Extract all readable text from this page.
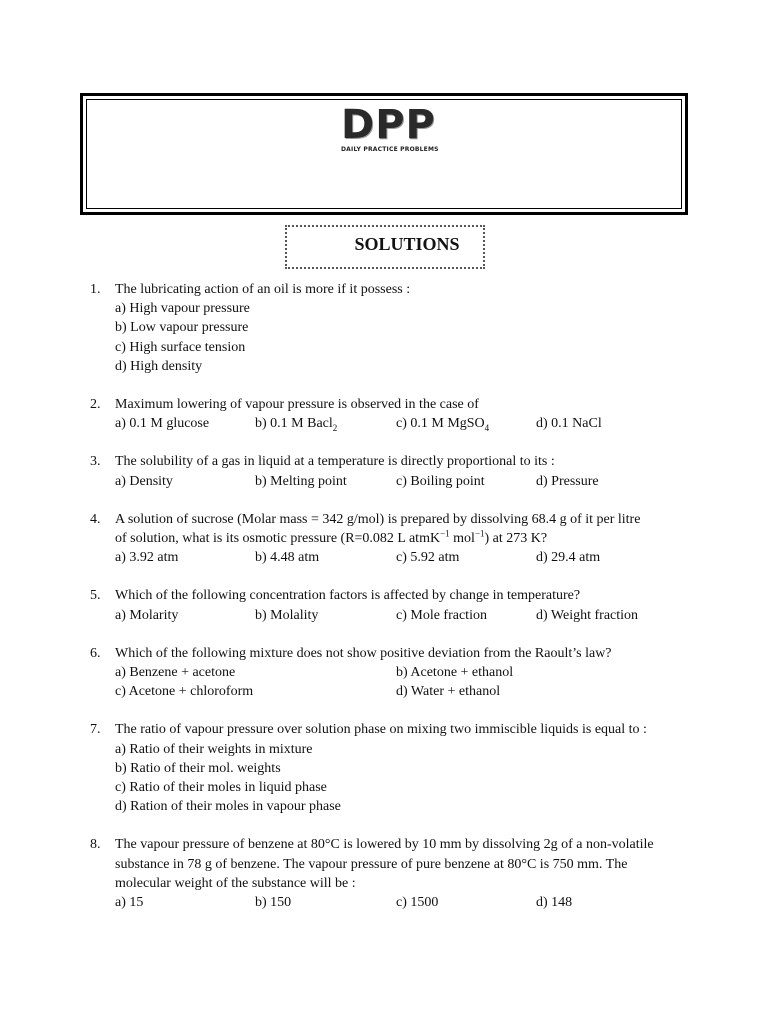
DPP
DAILY PRACTICE PROBLEMS
SOLUTIONS
1. The lubricating action of an oil is more if it possess :
a) High vapour pressure
b) Low vapour pressure
c) High surface tension
d) High density
2. Maximum lowering of vapour pressure is observed in the case of
a) 0.1 M glucose	b) 0.1 M Bacl$_2$	c) 0.1 M MgSO$_4$	d) 0.1 NaCl
3. The solubility of a gas in liquid at a temperature is directly proportional to its :
a) Density	b) Melting point	c) Boiling point	d) Pressure
4. A solution of sucrose (Molar mass = 342 g/mol) is prepared by dissolving 68.4 g of it per litre
of solution, what is its osmotic pressure (R=0.082 L atmK$^{-1}$ mol$^{-1}$) at 273 K?
a) 3.92 atm	b) 4.48 atm	c) 5.92 atm	d) 29.4 atm
5. Which of the following concentration factors is affected by change in temperature?
a) Molarity	b) Molality	c) Mole fraction	d) Weight fraction
6. Which of the following mixture does not show positive deviation from the Raoult’s law?
a) Benzene + acetone	b) Acetone + ethanol
c) Acetone + chloroform	d) Water + ethanol
7. The ratio of vapour pressure over solution phase on mixing two immiscible liquids is equal to :
a) Ratio of their weights in mixture
b) Ratio of their mol. weights
c) Ratio of their moles in liquid phase
d) Ration of their moles in vapour phase
8. The vapour pressure of benzene at 80°C is lowered by 10 mm by dissolving 2g of a non-volatile
substance in 78 g of benzene. The vapour pressure of pure benzene at 80°C is 750 mm. The
molecular weight of the substance will be :
a) 15	b) 150	c) 1500	d) 148
